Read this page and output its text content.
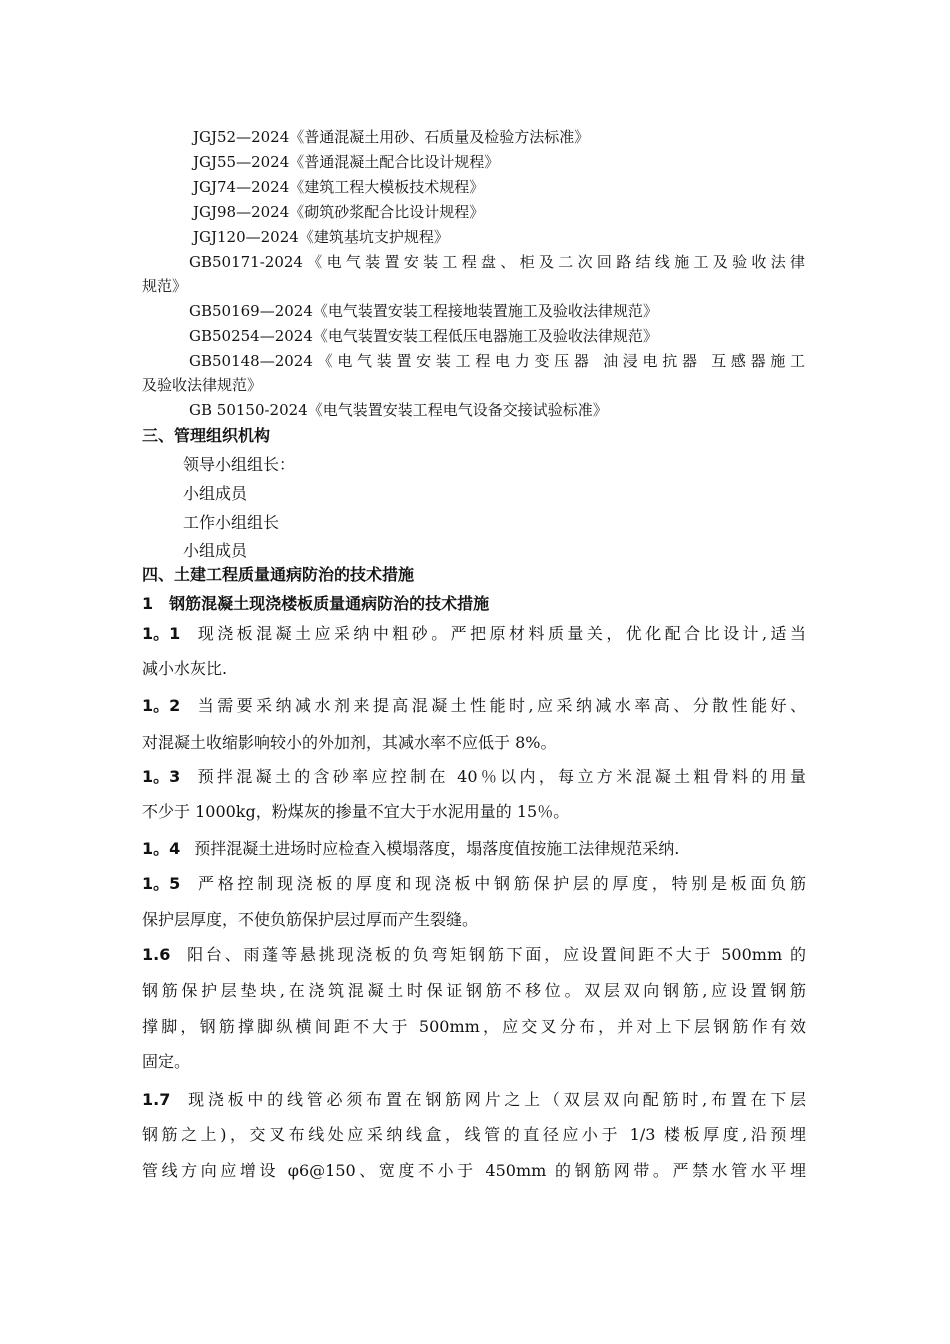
JGJ52—2024《普通混凝土用砂、石质量及检验方法标准》
JGJ55—2024《普通混凝土配合比设计规程》
JGJ74—2024《建筑工程大模板技术规程》
JGJ98—2024《砌筑砂浆配合比设计规程》
JGJ120—2024《建筑基坑支护规程》
GB50171-2024《电气装置安装工程盘、柜及二次回路结线施工及验收法律
规范》
GB50169—2024《电气装置安装工程接地装置施工及验收法律规范》
GB50254—2024《电气装置安装工程低压电器施工及验收法律规范》
GB50148—2024《电气装置安装工程电力变压器 油浸电抗器 互感器施工
及验收法律规范》
GB 50150-2024《电气装置安装工程电气设备交接试验标准》
三、管理组织机构
领导小组组长：
小组成员
工作小组组长
小组成员
四、土建工程质量通病防治的技术措施
1　钢筋混凝土现浇楼板质量通病防治的技术措施
1。1 现浇板混凝土应采纳中粗砂。严把原材料质量关，优化配合比设计,适当
减小水灰比.
1。2 当需要采纳减水剂来提高混凝土性能时,应采纳减水率高、分散性能好、
对混凝土收缩影响较小的外加剂，其减水率不应低于 8%。
1。3 预拌混凝土的含砂率应控制在 40％以内，每立方米混凝土粗骨料的用量
不少于 1000kg，粉煤灰的掺量不宜大于水泥用量的 15％。
1。4 预拌混凝土进场时应检查入模塌落度，塌落度值按施工法律规范采纳.
1。5 严格控制现浇板的厚度和现浇板中钢筋保护层的厚度，特别是板面负筋
保护层厚度，不使负筋保护层过厚而产生裂缝。
1.6 阳台、雨蓬等悬挑现浇板的负弯矩钢筋下面，应设置间距不大于 500mm 的
钢筋保护层垫块,在浇筑混凝土时保证钢筋不移位。双层双向钢筋,应设置钢筋
撑脚，钢筋撑脚纵横间距不大于 500mm，应交叉分布，并对上下层钢筋作有效
固定。
1.7 现浇板中的线管必须布置在钢筋网片之上（双层双向配筋时,布置在下层
钢筋之上)，交叉布线处应采纳线盒，线管的直径应小于 1/3 楼板厚度,沿预埋
管线方向应增设 φ6@150、宽度不小于 450mm 的钢筋网带。严禁水管水平埋
